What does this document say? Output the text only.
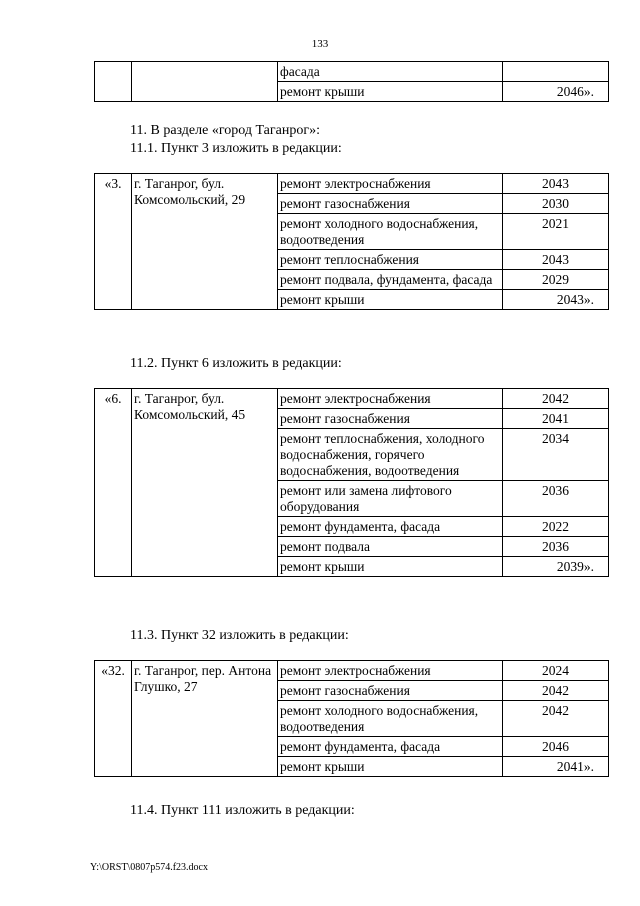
133
		фасада	
		ремонт крыши	2046».
11. В разделе «город Таганрог»:
11.1. Пункт 3 изложить в редакции:
«3.	г. Таганрог, бул. Комсомольский, 29	ремонт электроснабжения	2043
		ремонт газоснабжения	2030
		ремонт холодного водоснабжения, водоотведения	2021
		ремонт теплоснабжения	2043
		ремонт подвала, фундамента, фасада	2029
		ремонт крыши	2043».
11.2. Пункт 6 изложить в редакции:
«6.	г. Таганрог, бул. Комсомольский, 45	ремонт электроснабжения	2042
		ремонт газоснабжения	2041
		ремонт теплоснабжения, холодного водоснабжения, горячего водоснабжения, водоотведения	2034
		ремонт или замена лифтового оборудования	2036
		ремонт фундамента, фасада	2022
		ремонт подвала	2036
		ремонт крыши	2039».
11.3. Пункт 32 изложить в редакции:
«32.	г. Таганрог, пер. Антона Глушко, 27	ремонт электроснабжения	2024
		ремонт газоснабжения	2042
		ремонт холодного водоснабжения, водоотведения	2042
		ремонт фундамента, фасада	2046
		ремонт крыши	2041».
11.4. Пункт 111 изложить в редакции:
Y:\ORST\0807p574.f23.docx
